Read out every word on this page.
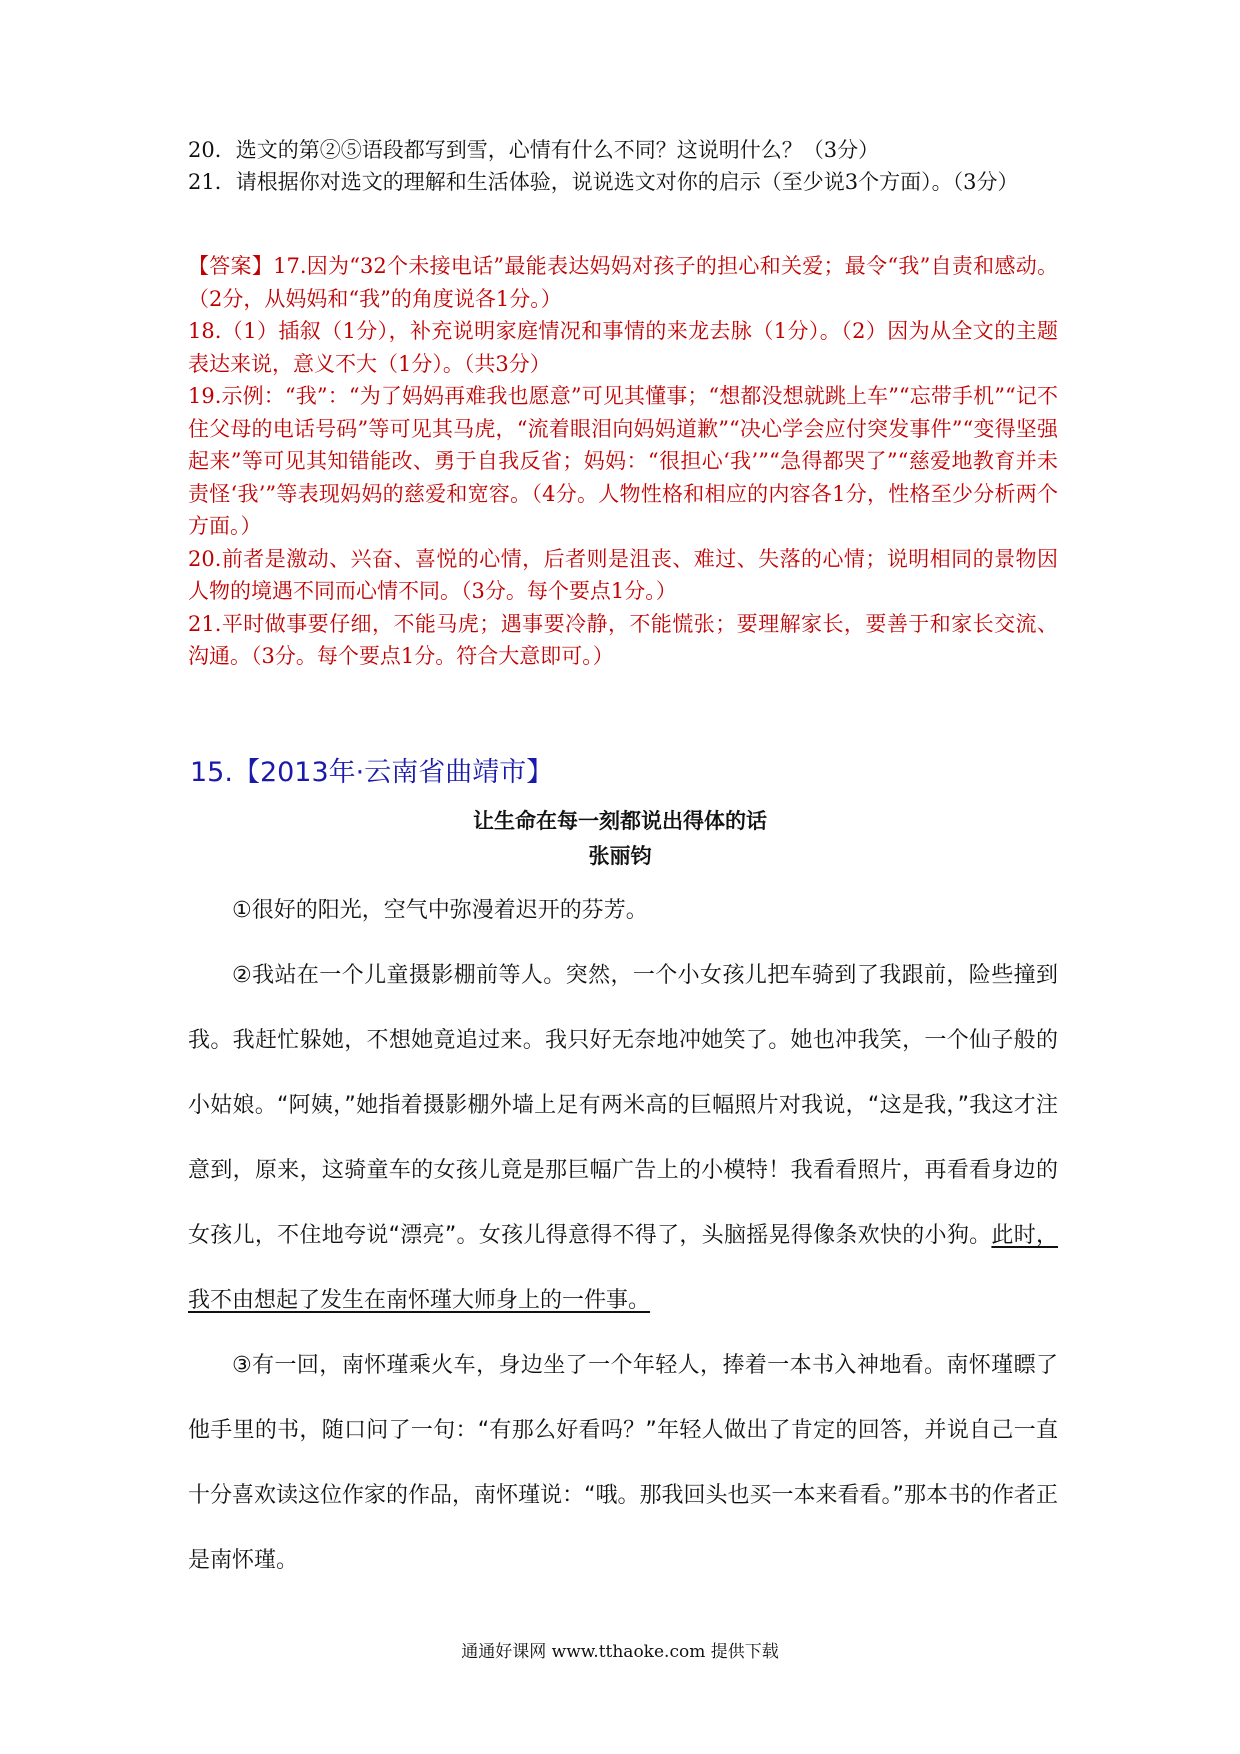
20．选文的第②⑤语段都写到雪，心情有什么不同？这说明什么？（3分）
21．请根据你对选文的理解和生活体验，说说选文对你的启示（至少说3个方面）。（3分）

【答案】17.因为“32个未接电话”最能表达妈妈对孩子的担心和关爱；最令“我”自责和感动。（2分，从妈妈和“我”的角度说各1分。）

18.（1）插叙（1分），补充说明家庭情况和事情的来龙去脉（1分）。（2）因为从全文的主题表达来说，意义不大（1分）。（共3分）

19.示例：“我”：“为了妈妈再难我也愿意”可见其懂事；“想都没想就跳上车”“忘带手机”“记不住父母的电话号码”等可见其马虎，“流着眼泪向妈妈道歉”“决心学会应付突发事件”“变得坚强起来”等可见其知错能改、勇于自我反省；妈妈：“很担心‘我’”“急得都哭了”“慈爱地教育并未责怪‘我’”等表现妈妈的慈爱和宽容。（4分。人物性格和相应的内容各1分，性格至少分析两个方面。）

20.前者是激动、兴奋、喜悦的心情，后者则是沮丧、难过、失落的心情；说明相同的景物因人物的境遇不同而心情不同。（3分。每个要点1分。）

21.平时做事要仔细，不能马虎；遇事要冷静，不能慌张；要理解家长，要善于和家长交流、沟通。（3分。每个要点1分。符合大意即可。）

15.【2013年·云南省曲靖市】
让生命在每一刻都说出得体的话
张丽钧

①很好的阳光，空气中弥漫着迟开的芬芳。

②我站在一个儿童摄影棚前等人。突然，一个小女孩儿把车骑到了我跟前，险些撞到我。我赶忙躲她，不想她竟追过来。我只好无奈地冲她笑了。她也冲我笑，一个仙子般的小姑娘。“阿姨，”她指着摄影棚外墙上足有两米高的巨幅照片对我说，“这是我，”我这才注意到，原来，这骑童车的女孩儿竟是那巨幅广告上的小模特！我看看照片，再看看身边的女孩儿，不住地夸说“漂亮”。女孩儿得意得不得了，头脑摇晃得像条欢快的小狗。此时，我不由想起了发生在南怀瑾大师身上的一件事。

③有一回，南怀瑾乘火车，身边坐了一个年轻人，捧着一本书入神地看。南怀瑾瞟了他手里的书，随口问了一句：“有那么好看吗？”年轻人做出了肯定的回答，并说自己一直十分喜欢读这位作家的作品，南怀瑾说：“哦。那我回头也买一本来看看。”那本书的作者正是南怀瑾。

通通好课网 www.tthaoke.com 提供下载
